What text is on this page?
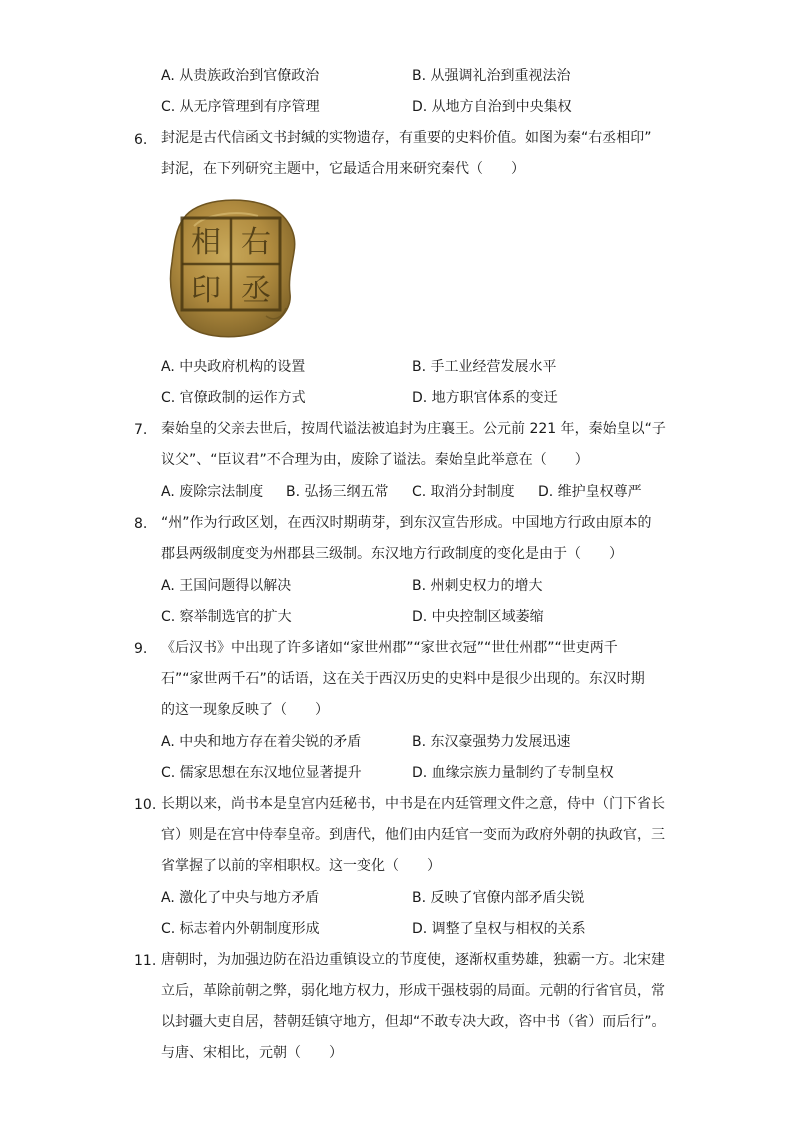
A. 从贵族政治到官僚政治	B. 从强调礼治到重视法治
C. 从无序管理到有序管理	D. 从地方自治到中央集权
6. 封泥是古代信函文书封缄的实物遗存，有重要的史料价值。如图为秦“右丞相印”
封泥，在下列研究主题中，它最适合用来研究秦代（　　）
右
丞
相
印
A. 中央政府机构的设置	B. 手工业经营发展水平
C. 官僚政制的运作方式	D. 地方职官体系的变迁
7. 秦始皇的父亲去世后，按周代谥法被追封为庄襄王。公元前 221 年，秦始皇以“子
议父”、“臣议君”不合理为由，废除了谥法。秦始皇此举意在（　　）
A. 废除宗法制度 B. 弘扬三纲五常 C. 取消分封制度 D. 维护皇权尊严
8. “州”作为行政区划，在西汉时期萌芽，到东汉宣告形成。中国地方行政由原本的
郡县两级制度变为州郡县三级制。东汉地方行政制度的变化是由于（　　）
A. 王国问题得以解决	B. 州刺史权力的增大
C. 察举制选官的扩大	D. 中央控制区域萎缩
9. 《后汉书》中出现了许多诸如“家世州郡”“家世衣冠”“世仕州郡”“世吏两千
石”“家世两千石”的话语，这在关于西汉历史的史料中是很少出现的。东汉时期
的这一现象反映了（　　）
A. 中央和地方存在着尖锐的矛盾	B. 东汉豪强势力发展迅速
C. 儒家思想在东汉地位显著提升	D. 血缘宗族力量制约了专制皇权
10. 长期以来，尚书本是皇宫内廷秘书，中书是在内廷管理文件之意，侍中（门下省长
官）则是在宫中侍奉皇帝。到唐代，他们由内廷官一变而为政府外朝的执政官，三
省掌握了以前的宰相职权。这一变化（　　）
A. 激化了中央与地方矛盾	B. 反映了官僚内部矛盾尖锐
C. 标志着内外朝制度形成	D. 调整了皇权与相权的关系
11. 唐朝时，为加强边防在沿边重镇设立的节度使，逐渐权重势雄，独霸一方。北宋建
立后，革除前朝之弊，弱化地方权力，形成干强枝弱的局面。元朝的行省官员，常
以封疆大吏自居，替朝廷镇守地方，但却“不敢专决大政，咨中书（省）而后行”。
与唐、宋相比，元朝（　　）
